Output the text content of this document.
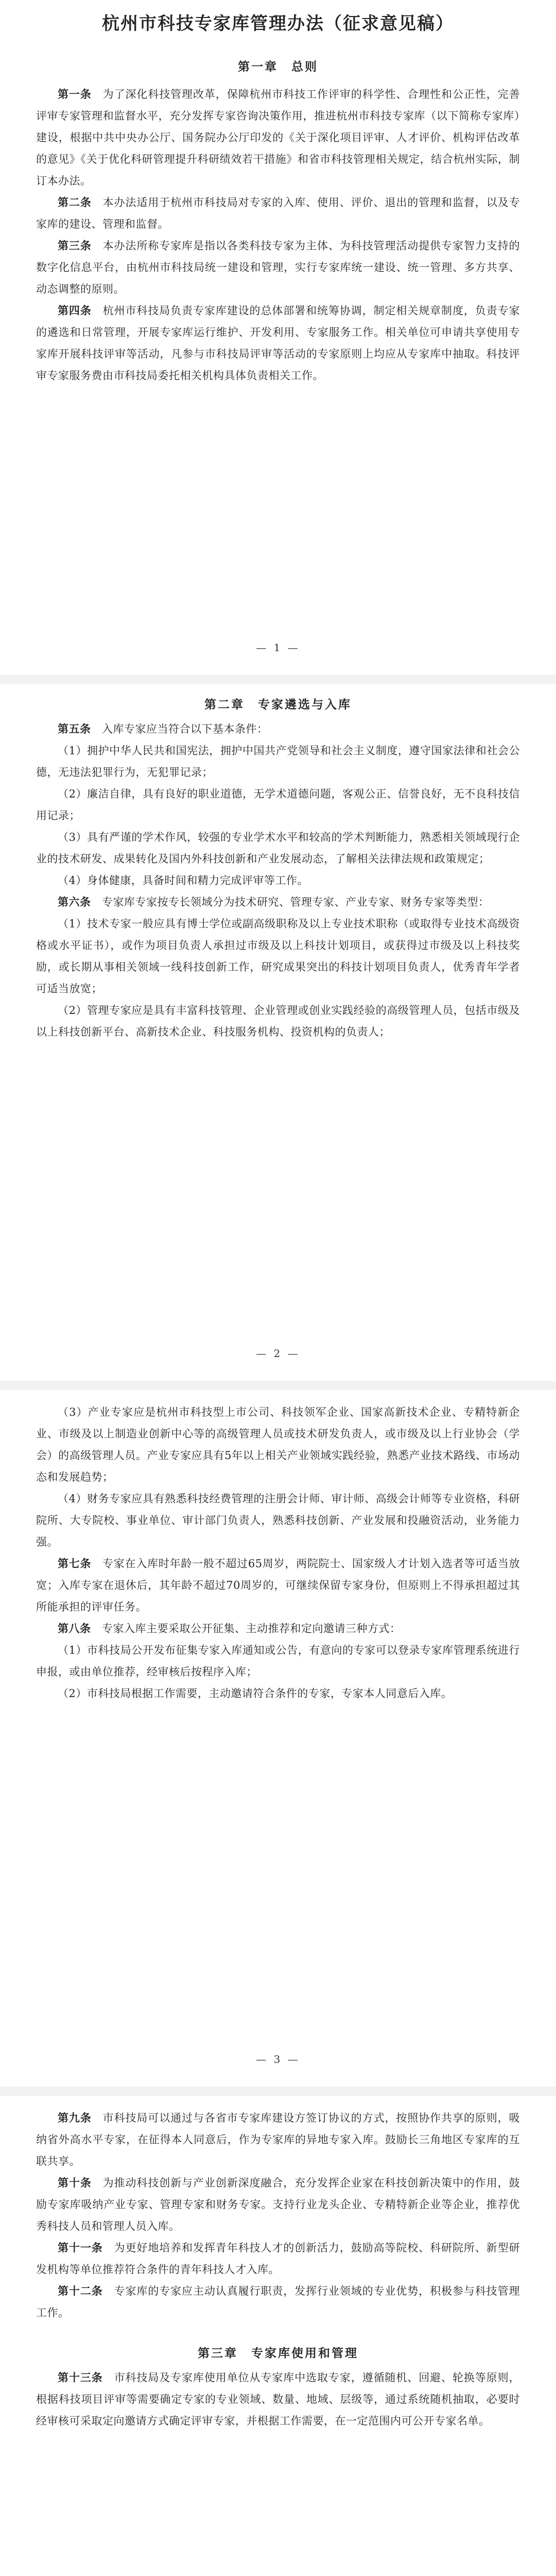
杭州市科技专家库管理办法（征求意见稿）
第一章　总则

第一条　 为了深化科技管理改革，保障杭州市科技工作评审的科学性、合理性和公正性，完善评审专家管理和监督水平，充分发挥专家咨询决策作用，推进杭州市科技专家库（以下简称专家库）建设，根据中共中央办公厅、国务院办公厅印发的《关于深化项目评审、人才评价、机构评估改革的意见》《关于优化科研管理提升科研绩效若干措施》和省市科技管理相关规定，结合杭州实际，制订本办法。

第二条　 本办法适用于杭州市科技局对专家的入库、使用、评价、退出的管理和监督，以及专家库的建设、管理和监督。

第三条　 本办法所称专家库是指以各类科技专家为主体、为科技管理活动提供专家智力支持的数字化信息平台，由杭州市科技局统一建设和管理，实行专家库统一建设、统一管理、多方共享、动态调整的原则。

第四条　 杭州市科技局负责专家库建设的总体部署和统筹协调，制定相关规章制度，负责专家的遴选和日常管理，开展专家库运行维护、开发利用、专家服务工作。相关单位可申请共享使用专家库开展科技评审等活动，凡参与市科技局评审等活动的专家原则上均应从专家库中抽取。科技评审专家服务费由市科技局委托相关机构具体负责相关工作。

— 1 —
第二章　专家遴选与入库

第五条　 入库专家应当符合以下基本条件：

（1）拥护中华人民共和国宪法，拥护中国共产党领导和社会主义制度，遵守国家法律和社会公德，无违法犯罪行为，无犯罪记录；

（2）廉洁自律，具有良好的职业道德，无学术道德问题，客观公正、信誉良好，无不良科技信用记录；

（3）具有严谨的学术作风，较强的专业学术水平和较高的学术判断能力，熟悉相关领域现行企业的技术研发、成果转化及国内外科技创新和产业发展动态，了解相关法律法规和政策规定；

（4）身体健康，具备时间和精力完成评审等工作。

第六条　 专家库专家按专长领域分为技术研究、管理专家、产业专家、财务专家等类型：

（1）技术专家一般应具有博士学位或副高级职称及以上专业技术职称（或取得专业技术高级资格或水平证书），或作为项目负责人承担过市级及以上科技计划项目，或获得过市级及以上科技奖励，或长期从事相关领域一线科技创新工作，研究成果突出的科技计划项目负责人，优秀青年学者可适当放宽；

（2）管理专家应是具有丰富科技管理、企业管理或创业实践经验的高级管理人员，包括市级及以上科技创新平台、高新技术企业、科技服务机构、投资机构的负责人；

— 2 —

（3）产业专家应是杭州市科技型上市公司、科技领军企业、国家高新技术企业、专精特新企业、市级及以上制造业创新中心等的高级管理人员或技术研发负责人，或市级及以上行业协会（学会）的高级管理人员。产业专家应具有5年以上相关产业领域实践经验，熟悉产业技术路线、市场动态和发展趋势；

（4）财务专家应具有熟悉科技经费管理的注册会计师、审计师、高级会计师等专业资格，科研院所、大专院校、事业单位、审计部门负责人，熟悉科技创新、产业发展和投融资活动，业务能力强。

第七条　 专家在入库时年龄一般不超过65周岁，两院院士、国家级人才计划入选者等可适当放宽；入库专家在退休后，其年龄不超过70周岁的，可继续保留专家身份，但原则上不得承担超过其所能承担的评审任务。

第八条　 专家入库主要采取公开征集、主动推荐和定向邀请三种方式：

（1）市科技局公开发布征集专家入库通知或公告，有意向的专家可以登录专家库管理系统进行申报，或由单位推荐，经审核后按程序入库；

（2）市科技局根据工作需要，主动邀请符合条件的专家，专家本人同意后入库。

— 3 —

第九条　 市科技局可以通过与各省市专家库建设方签订协议的方式，按照协作共享的原则，吸纳省外高水平专家，在征得本人同意后，作为专家库的异地专家入库。鼓励长三角地区专家库的互联共享。

第十条　 为推动科技创新与产业创新深度融合，充分发挥企业家在科技创新决策中的作用，鼓励专家库吸纳产业专家、管理专家和财务专家。支持行业龙头企业、专精特新企业等企业，推荐优秀科技人员和管理人员入库。

第十一条　 为更好地培养和发挥青年科技人才的创新活力，鼓励高等院校、科研院所、新型研发机构等单位推荐符合条件的青年科技人才入库。

第十二条　 专家库的专家应主动认真履行职责，发挥行业领域的专业优势，积极参与科技管理工作。

第三章　专家库使用和管理

第十三条　 市科技局及专家库使用单位从专家库中选取专家，遵循随机、回避、轮换等原则，根据科技项目评审等需要确定专家的专业领域、数量、地域、层级等，通过系统随机抽取，必要时经审核可采取定向邀请方式确定评审专家，并根据工作需要，在一定范围内可公开专家名单。
